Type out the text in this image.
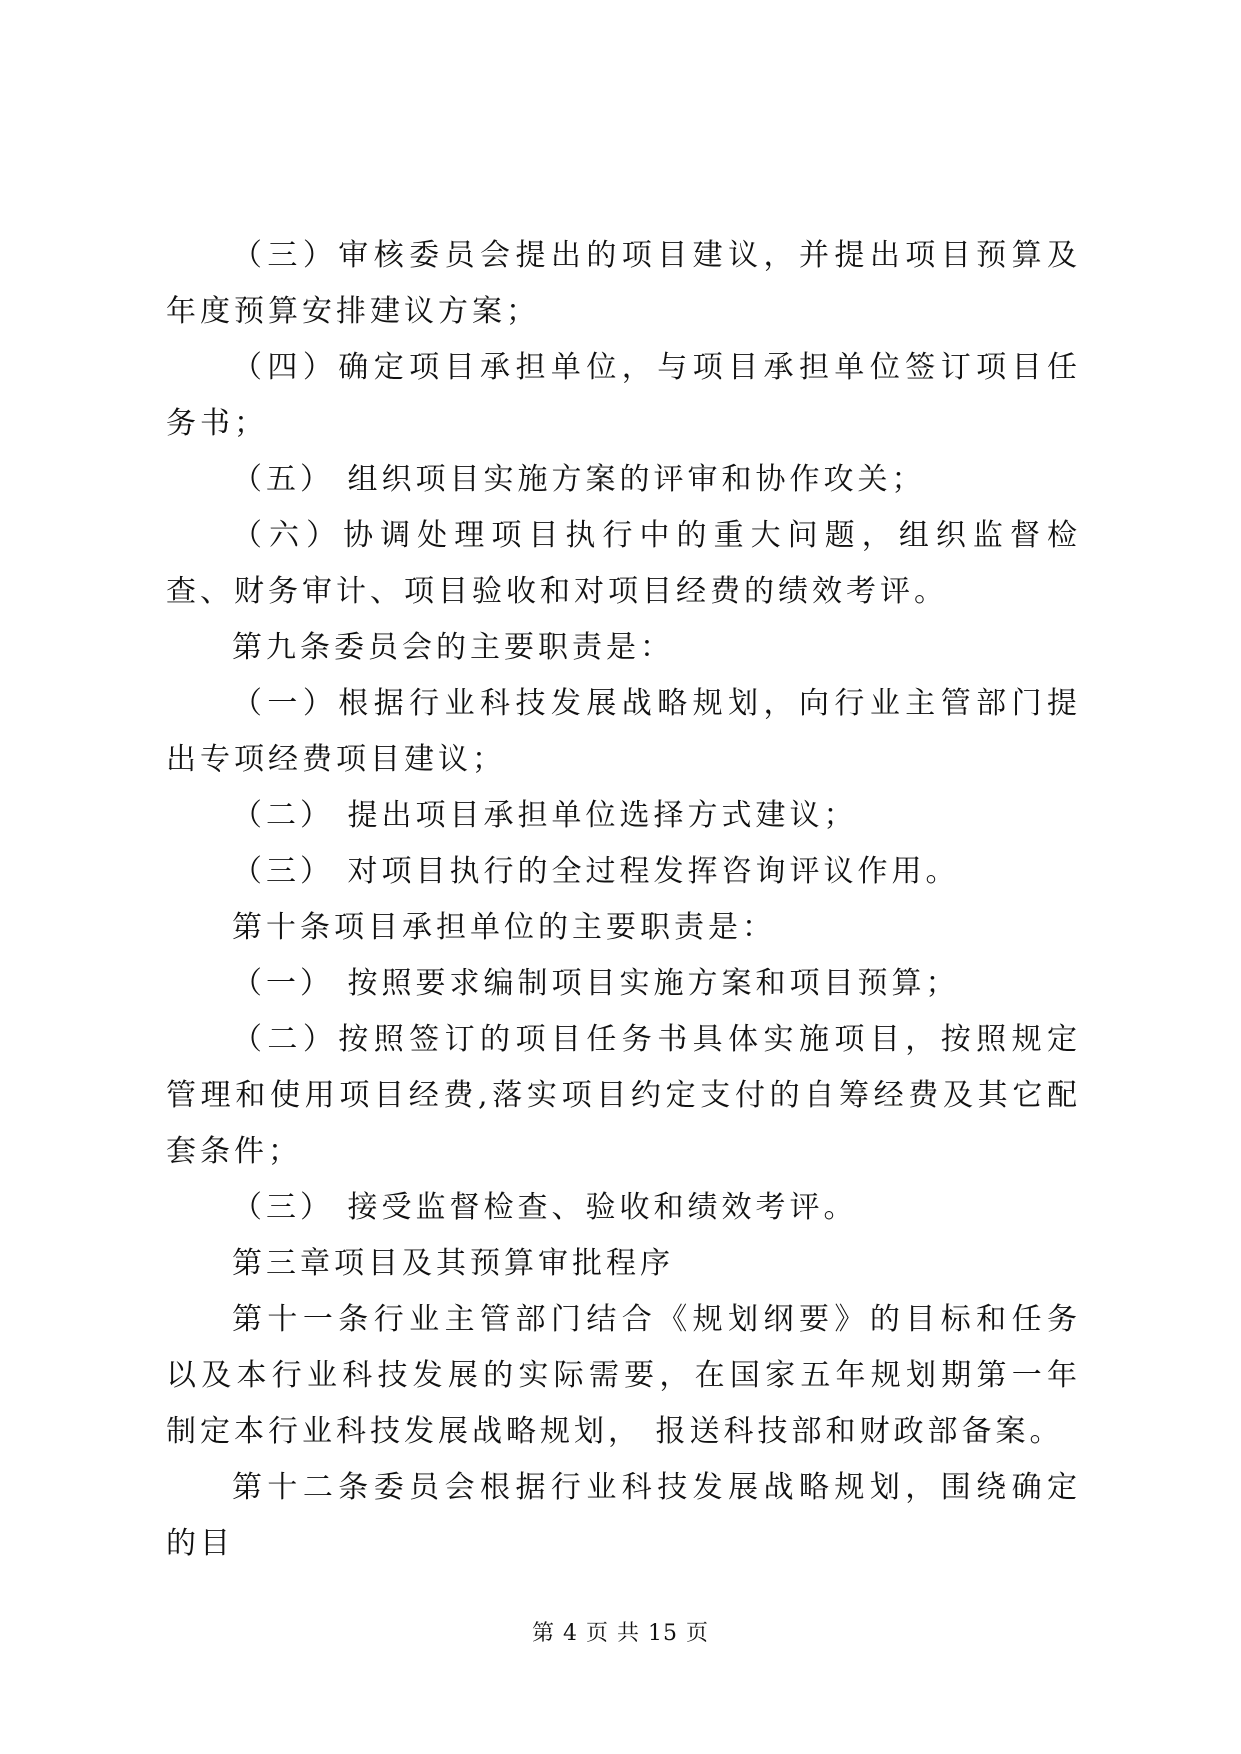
（三）审核委员会提出的项目建议，并提出项目预算及年度预算安排建议方案；

（四）确定项目承担单位，与项目承担单位签订项目任务书；

（五） 组织项目实施方案的评审和协作攻关；

（六）协调处理项目执行中的重大问题，组织监督检查、财务审计、项目验收和对项目经费的绩效考评。

第九条委员会的主要职责是：

（一）根据行业科技发展战略规划，向行业主管部门提出专项经费项目建议；

（二） 提出项目承担单位选择方式建议；

（三） 对项目执行的全过程发挥咨询评议作用。

第十条项目承担单位的主要职责是：

（一） 按照要求编制项目实施方案和项目预算；

（二）按照签订的项目任务书具体实施项目，按照规定管理和使用项目经费,落实项目约定支付的自筹经费及其它配套条件；

（三） 接受监督检查、验收和绩效考评。

第三章项目及其预算审批程序

第十一条行业主管部门结合《规划纲要》的目标和任务以及本行业科技发展的实际需要，在国家五年规划期第一年制定本行业科技发展战略规划， 报送科技部和财政部备案。

第十二条委员会根据行业科技发展战略规划，围绕确定的目

第 4 页 共 15 页
